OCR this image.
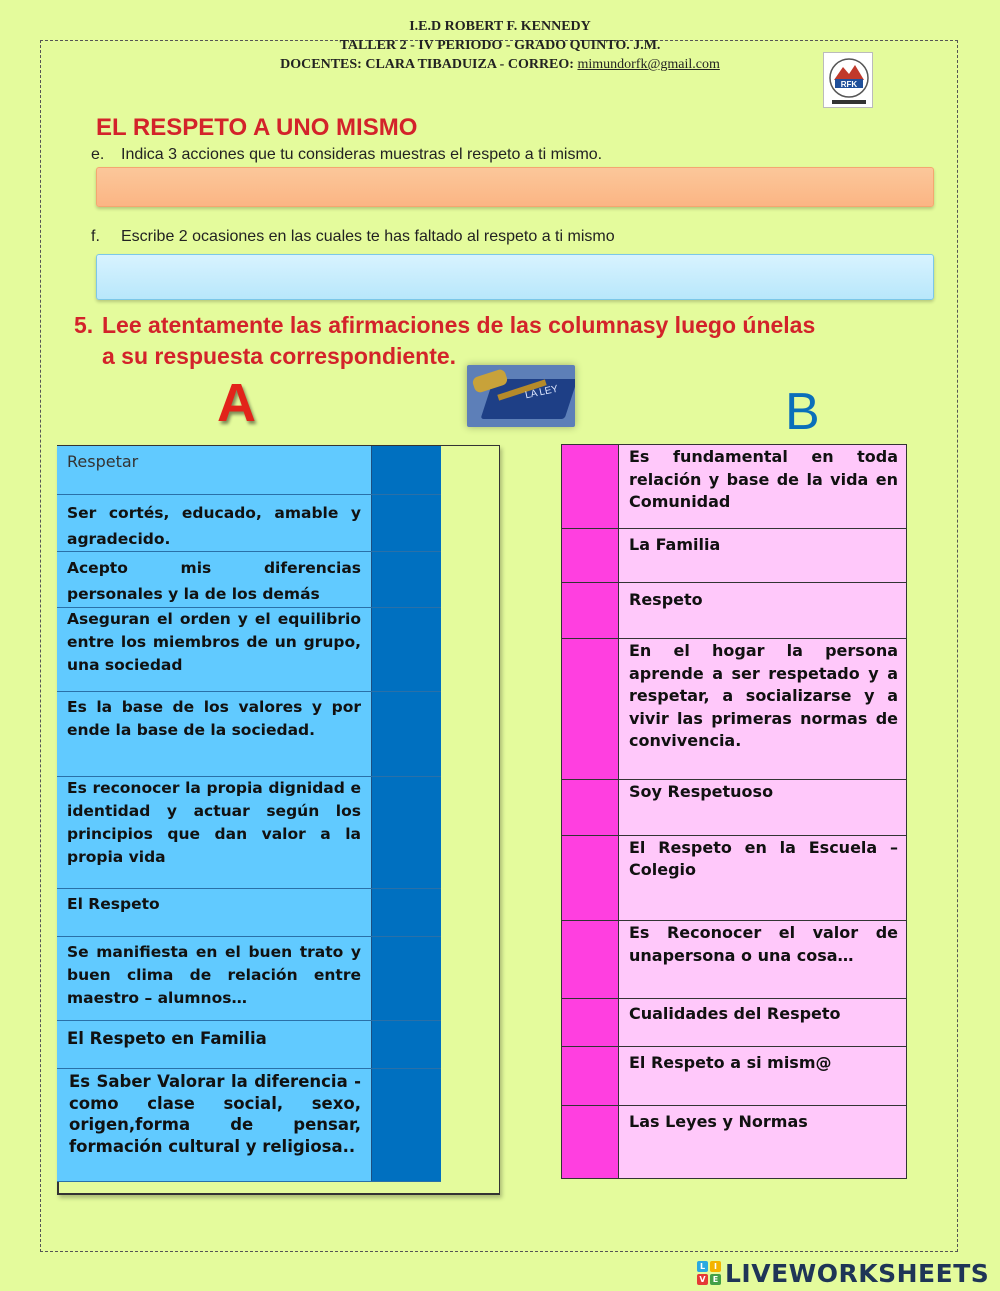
I.E.D ROBERT F. KENNEDY
TALLER 2 - IV PERIODO - GRADO QUINTO. J.M.
DOCENTES: CLARA TIBADUIZA - CORREO: mimundorfk@gmail.com
RFK
EL RESPETO A UNO MISMO
e. Indica 3 acciones que tu consideras muestras el respeto a ti mismo.
f. Escribe 2 ocasiones en las cuales te has faltado al respeto a ti mismo
5. Lee atentamente las afirmaciones de las columnasy luego únelas
a su respuesta correspondiente.
A	LA LEY	B
Respetar
Ser cortés, educado, amable y agradecido.
Acepto mis diferencias personales y la de los demás
Aseguran el orden y el equilibrio entre los miembros de un grupo, una sociedad
Es la base de los valores y por ende la base de la sociedad.
Es reconocer la propia dignidad e identidad y actuar según los principios que dan valor a la propia vida
El Respeto
Se manifiesta en el buen trato y buen clima de relación entre maestro – alumnos…
El Respeto en Familia
Es Saber Valorar la diferencia - como clase social, sexo, origen,forma de pensar, formación cultural y religiosa..
Es fundamental en toda relación y base de la vida en Comunidad
La Familia
Respeto
En el hogar la persona aprende a ser respetado y a respetar, a socializarse y a vivir las primeras normas de convivencia.
Soy Respetuoso
El Respeto en la Escuela – Colegio
Es Reconocer el valor de unapersona o una cosa…
Cualidades del Respeto
El Respeto a si mism@
Las Leyes y Normas
L	I
V E LIVEWORKSHEETS
